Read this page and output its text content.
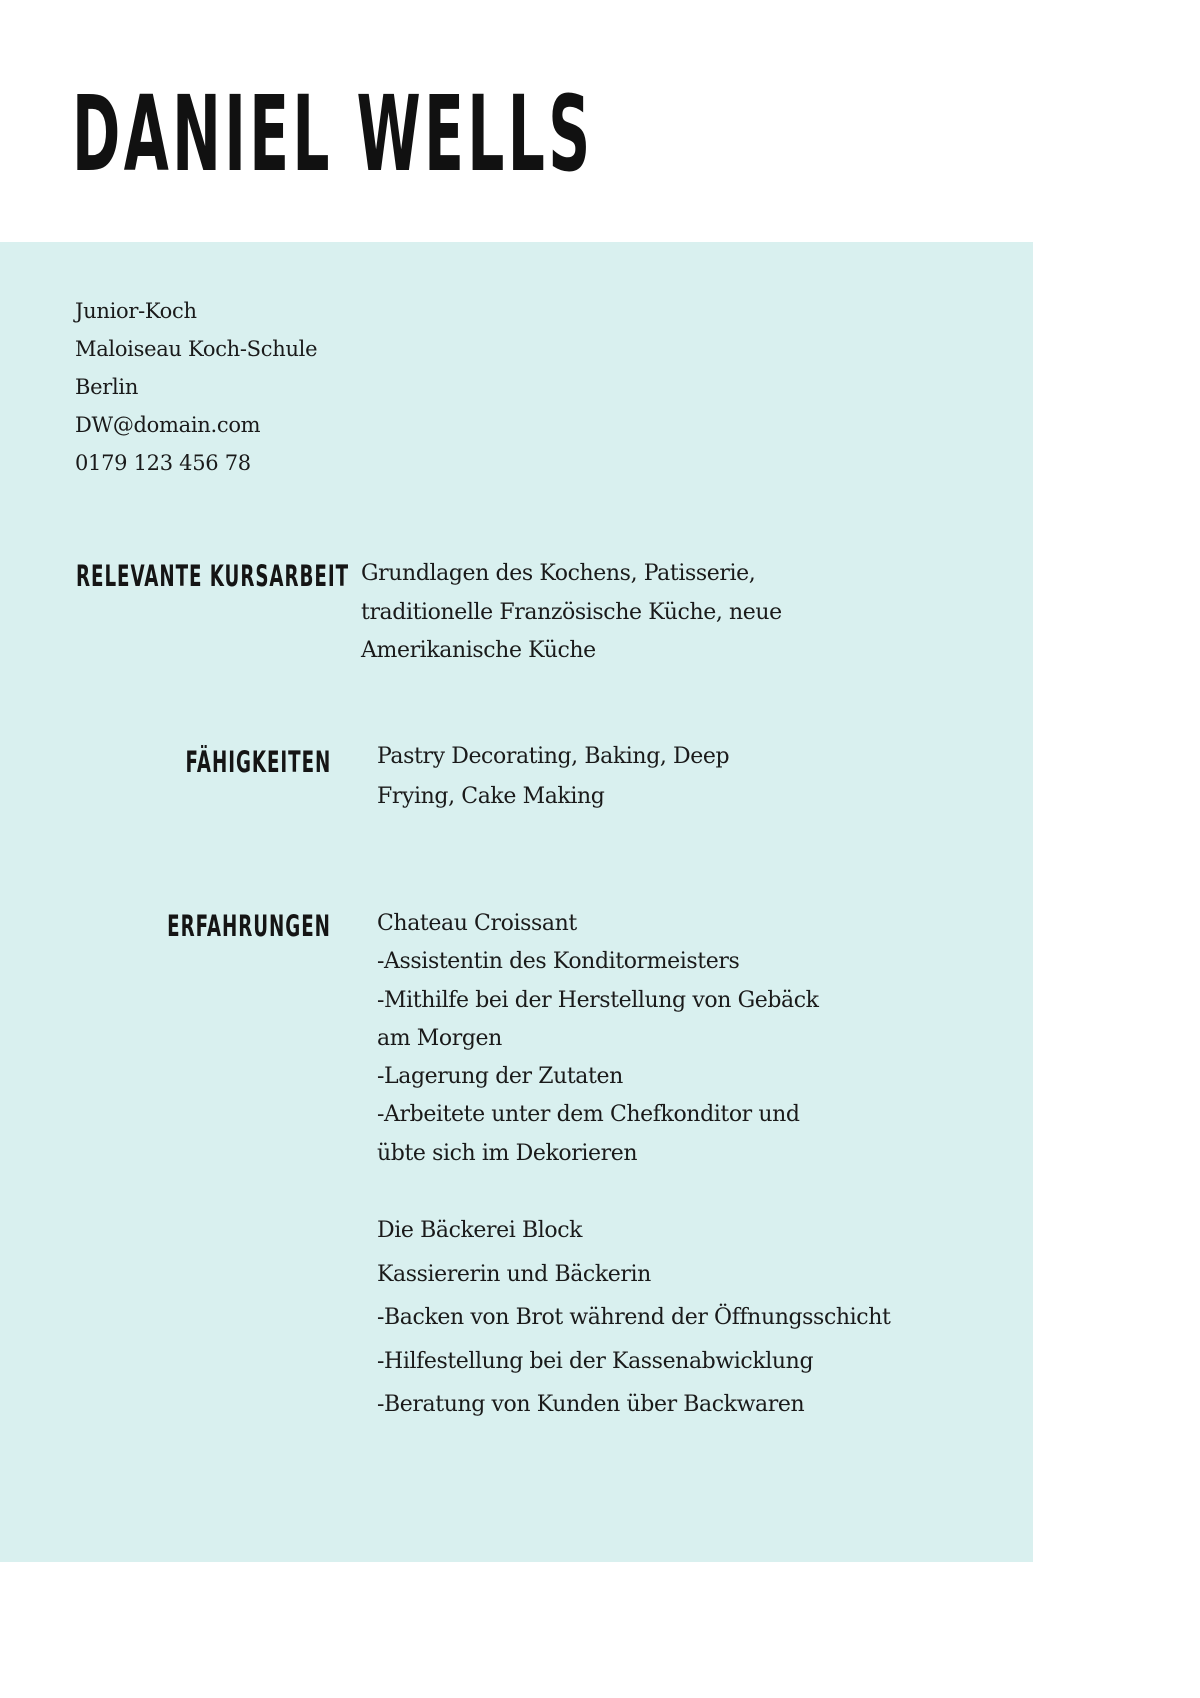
DANIEL WELLS
Junior-Koch
Maloiseau Koch-Schule
Berlin
DW@domain.com
0179 123 456 78
RELEVANTE KURSARBEIT Grundlagen des Kochens, Patisserie,
traditionelle Französische Küche, neue
Amerikanische Küche
FÄHIGKEITEN Pastry Decorating, Baking, Deep
Frying, Cake Making
ERFAHRUNGEN Chateau Croissant
-Assistentin des Konditormeisters
-Mithilfe bei der Herstellung von Gebäck
am Morgen
-Lagerung der Zutaten
-Arbeitete unter dem Chefkonditor und
übte sich im Dekorieren
Die Bäckerei Block
Kassiererin und Bäckerin
-Backen von Brot während der Öffnungsschicht
-Hilfestellung bei der Kassenabwicklung
-Beratung von Kunden über Backwaren
